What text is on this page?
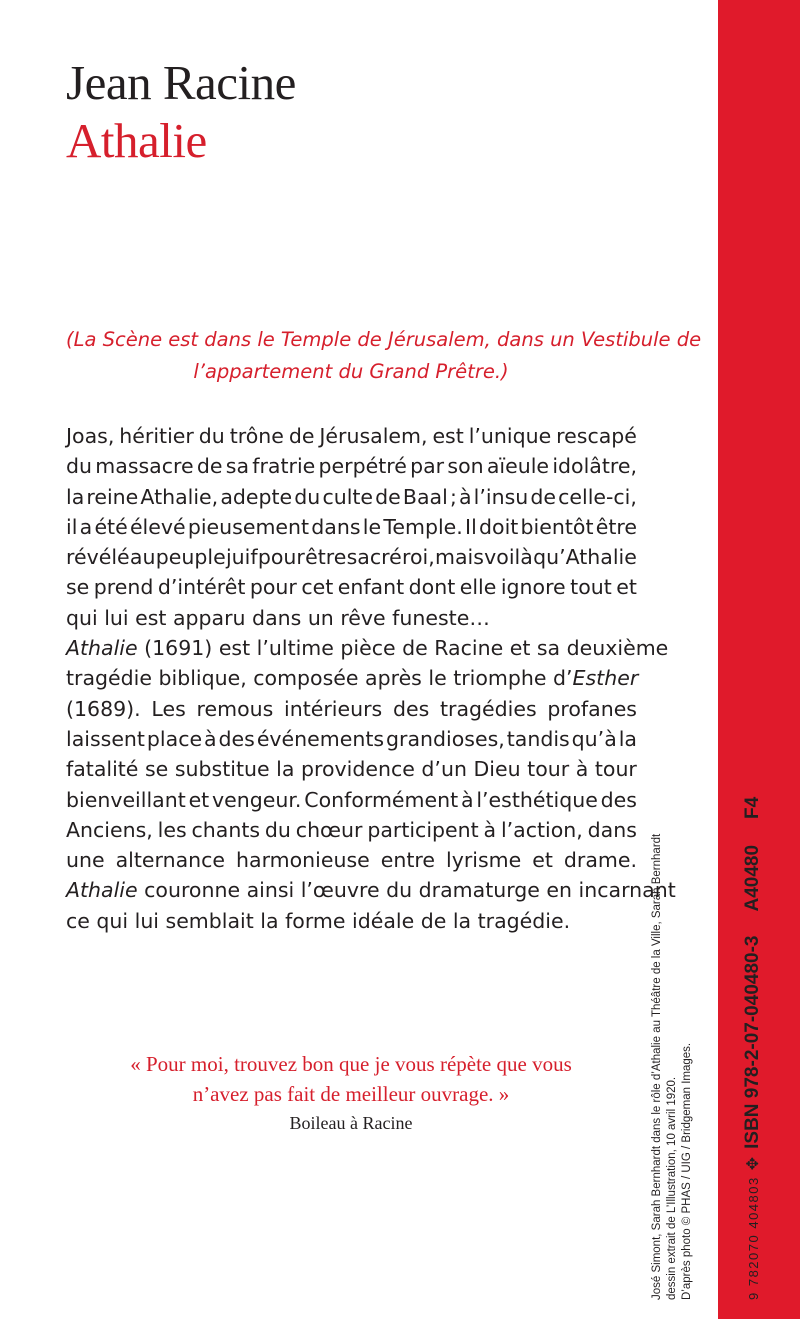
Jean Racine
Athalie
(La Scène est dans le Temple de Jérusalem, dans un Vestibule de
l’appartement du Grand Prêtre.)
Joas, héritier du trône de Jérusalem, est l’unique rescapé
du massacre de sa fratrie perpétré par son aïeule idolâtre,
la reine Athalie, adepte du culte de Baal ; à l’insu de celle-ci,
il a été élevé pieusement dans le Temple. Il doit bientôt être
révélé au peuple juif pour être sacré roi, mais voilà qu’Athalie
se prend d’intérêt pour cet enfant dont elle ignore tout et
qui lui est apparu dans un rêve funeste…
Athalie (1691) est l’ultime pièce de Racine et sa deuxième
tragédie biblique, composée après le triomphe d’ Esther
(1689). Les remous intérieurs des tragédies profanes
laissent place à des événements grandioses, tandis qu’à la
fatalité se substitue la providence d’un Dieu tour à tour
bienveillant et vengeur. Conformément à l’esthétique des
Anciens, les chants du chœur participent à l’action, dans
une alternance harmonieuse entre lyrisme et drame.
Athalie couronne ainsi l’œuvre du dramaturge en incarnant
ce qui lui semblait la forme idéale de la tragédie.
« Pour moi, trouvez bon que je vous répète que vous
n’avez pas fait de meilleur ouvrage. »
Boileau à Racine	José Simont, Sarah Bernhardt dans le rôle d’Athalie au Théâtre de la Ville, Sarah Bernhardt dessin extrait de L’Illustration, 10 avril 1920. D’après photo © PHAS / UIG / Bridgeman Images.	9 782070 404803
✥
ISBN 978-2-07-040480-3
A40480
F4
